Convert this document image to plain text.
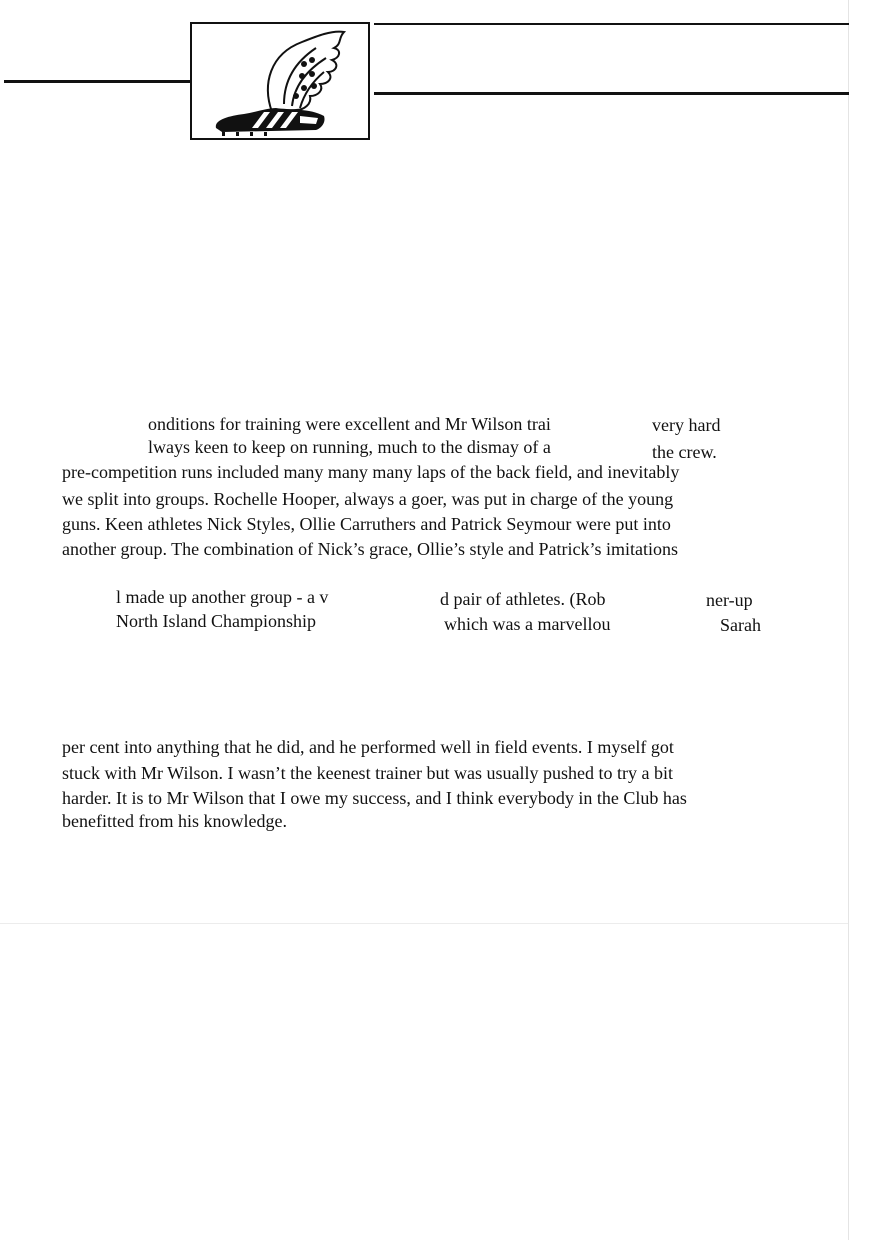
onditions for training were excellent and Mr Wilson trai	very hard
lways keen to keep on running, much to the dismay of a	the crew.
pre-competition runs included many many many laps of the back field, and inevitably
we split into groups. Rochelle Hooper, always a goer, was put in charge of the young
guns. Keen athletes Nick Styles, Ollie Carruthers and Patrick Seymour were put into
another group. The combination of Nick’s grace, Ollie’s style and Patrick’s imitations
l made up another group - a v	d pair of athletes. (Rob	ner-up
North Island Championship	which was a marvellou	Sarah
per cent into anything that he did, and he performed well in field events. I myself got
stuck with Mr Wilson. I wasn’t the keenest trainer but was usually pushed to try a bit
harder. It is to Mr Wilson that I owe my success, and I think everybody in the Club has
benefitted from his knowledge.
